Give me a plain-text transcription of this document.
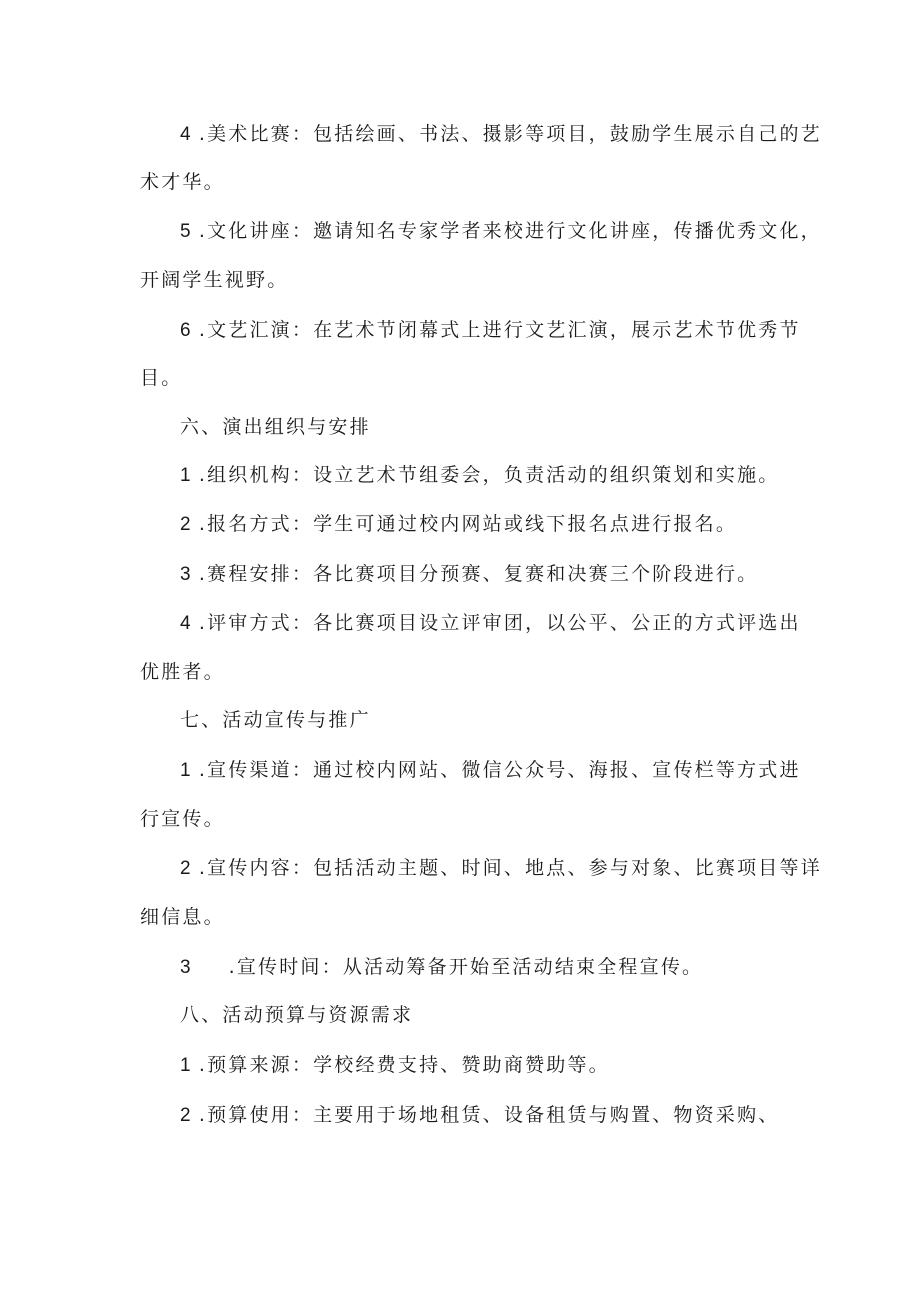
4 .美术比赛：包括绘画、书法、摄影等项目，鼓励学生展示自己的艺
术才华。
5 .文化讲座：邀请知名专家学者来校进行文化讲座，传播优秀文化，
开阔学生视野。
6 .文艺汇演：在艺术节闭幕式上进行文艺汇演，展示艺术节优秀节
目。
六、演出组织与安排
1 .组织机构：设立艺术节组委会，负责活动的组织策划和实施。
2 .报名方式：学生可通过校内网站或线下报名点进行报名。
3 .赛程安排：各比赛项目分预赛、复赛和决赛三个阶段进行。
4 .评审方式：各比赛项目设立评审团，以公平、公正的方式评选出
优胜者。
七、活动宣传与推广
1 .宣传渠道：通过校内网站、微信公众号、海报、宣传栏等方式进
行宣传。
2 .宣传内容：包括活动主题、时间、地点、参与对象、比赛项目等详
细信息。
3 .宣传时间：从活动筹备开始至活动结束全程宣传。
八、活动预算与资源需求
1 .预算来源：学校经费支持、赞助商赞助等。
2 .预算使用：主要用于场地租赁、设备租赁与购置、物资采购、
